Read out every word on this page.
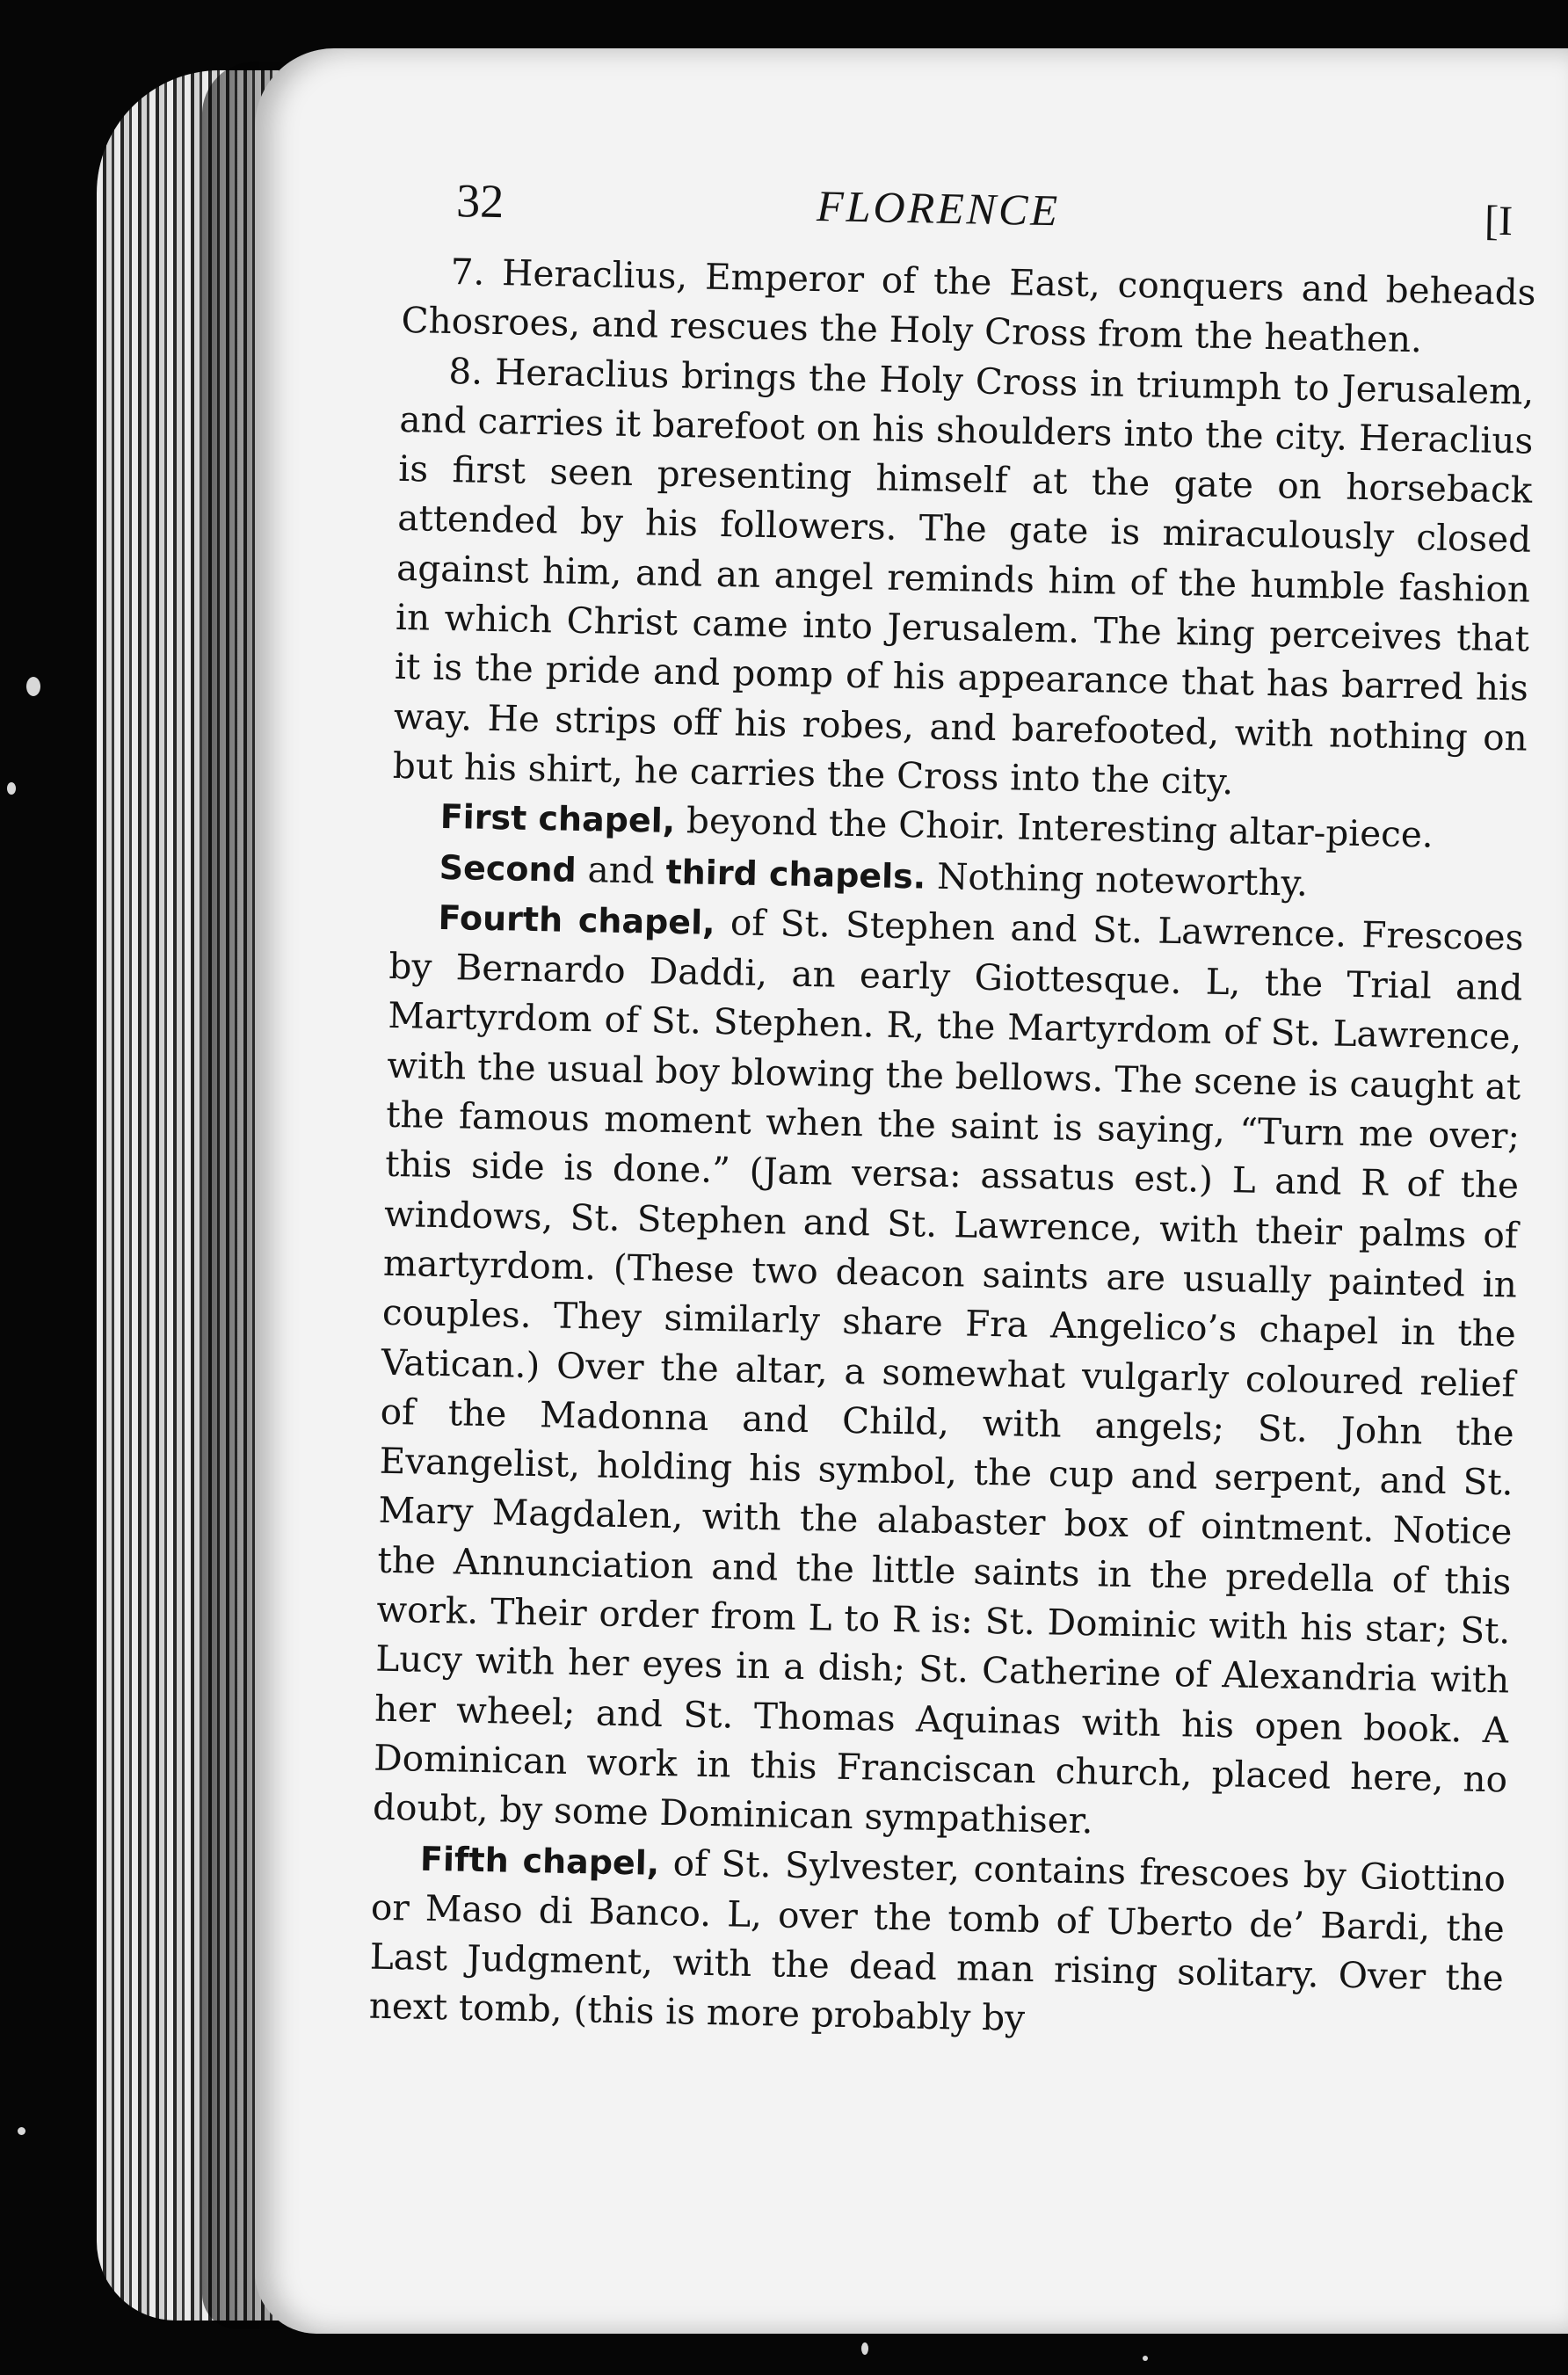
32	FLORENCE	[I

7. Heraclius, Emperor of the East, conquers and beheads Chosroes, and rescues the Holy Cross from the heathen.

8. Heraclius brings the Holy Cross in triumph to Jerusalem, and carries it barefoot on his shoulders into the city. Heraclius is first seen presenting himself at the gate on horseback attended by his followers. The gate is miraculously closed against him, and an angel reminds him of the humble fashion in which Christ came into Jerusalem. The king perceives that it is the pride and pomp of his appearance that has barred his way. He strips off his robes, and barefooted, with nothing on but his shirt, he carries the Cross into the city.

First chapel, beyond the Choir. Interesting altar-piece.

Second and third chapels. Nothing noteworthy.

Fourth chapel, of St. Stephen and St. Lawrence. Frescoes by Bernardo Daddi, an early Giottesque. L, the Trial and Martyrdom of St. Stephen. R, the Martyrdom of St. Lawrence, with the usual boy blowing the bellows. The scene is caught at the famous moment when the saint is saying, “Turn me over; this side is done.” (Jam versa: assatus est.) L and R of the windows, St. Stephen and St. Lawrence, with their palms of martyrdom. (These two deacon saints are usually painted in couples. They similarly share Fra Angelico’s chapel in the Vatican.) Over the altar, a somewhat vulgarly coloured relief of the Madonna and Child, with angels; St. John the Evangelist, holding his symbol, the cup and serpent, and St. Mary Magdalen, with the alabaster box of ointment. Notice the Annunciation and the little saints in the predella of this work. Their order from L to R is: St. Dominic with his star; St. Lucy with her eyes in a dish; St. Catherine of Alexandria with her wheel; and St. Thomas Aquinas with his open book. A Dominican work in this Franciscan church, placed here, no doubt, by some Dominican sympathiser.

Fifth chapel, of St. Sylvester, contains frescoes by Giottino or Maso di Banco. L, over the tomb of Uberto de’ Bardi, the Last Judgment, with the dead man rising solitary. Over the next tomb, (this is more probably by
